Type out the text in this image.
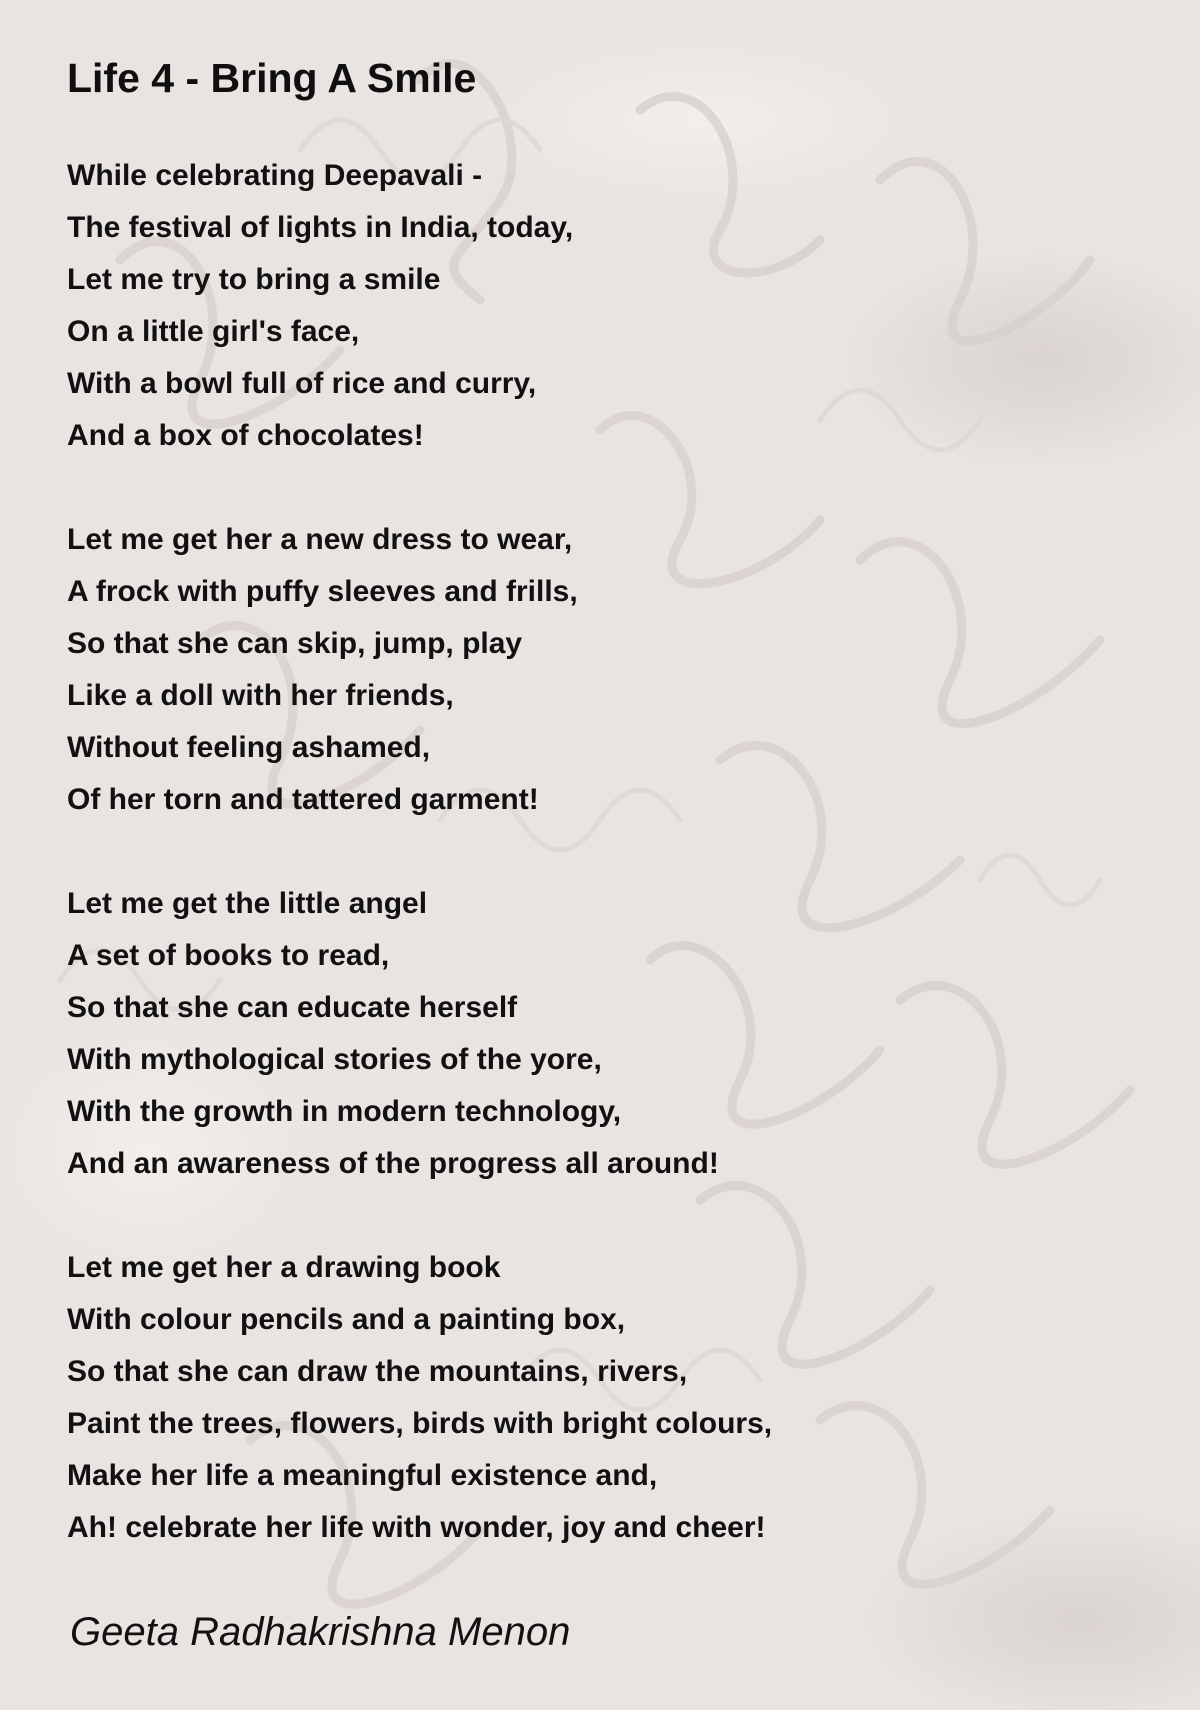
Life 4 - Bring A Smile
While celebrating Deepavali -
The festival of lights in India, today,
Let me try to bring a smile
On a little girl's face,
With a bowl full of rice and curry,
And a box of chocolates!
Let me get her a new dress to wear,
A frock with puffy sleeves and frills,
So that she can skip, jump, play
Like a doll with her friends,
Without feeling ashamed,
Of her torn and tattered garment!
Let me get the little angel
A set of books to read,
So that she can educate herself
With mythological stories of the yore,
With the growth in modern technology,
And an awareness of the progress all around!
Let me get her a drawing book
With colour pencils and a painting box,
So that she can draw the mountains, rivers,
Paint the trees, flowers, birds with bright colours,
Make her life a meaningful existence and,
Ah! celebrate her life with wonder, joy and cheer!

Geeta Radhakrishna Menon
